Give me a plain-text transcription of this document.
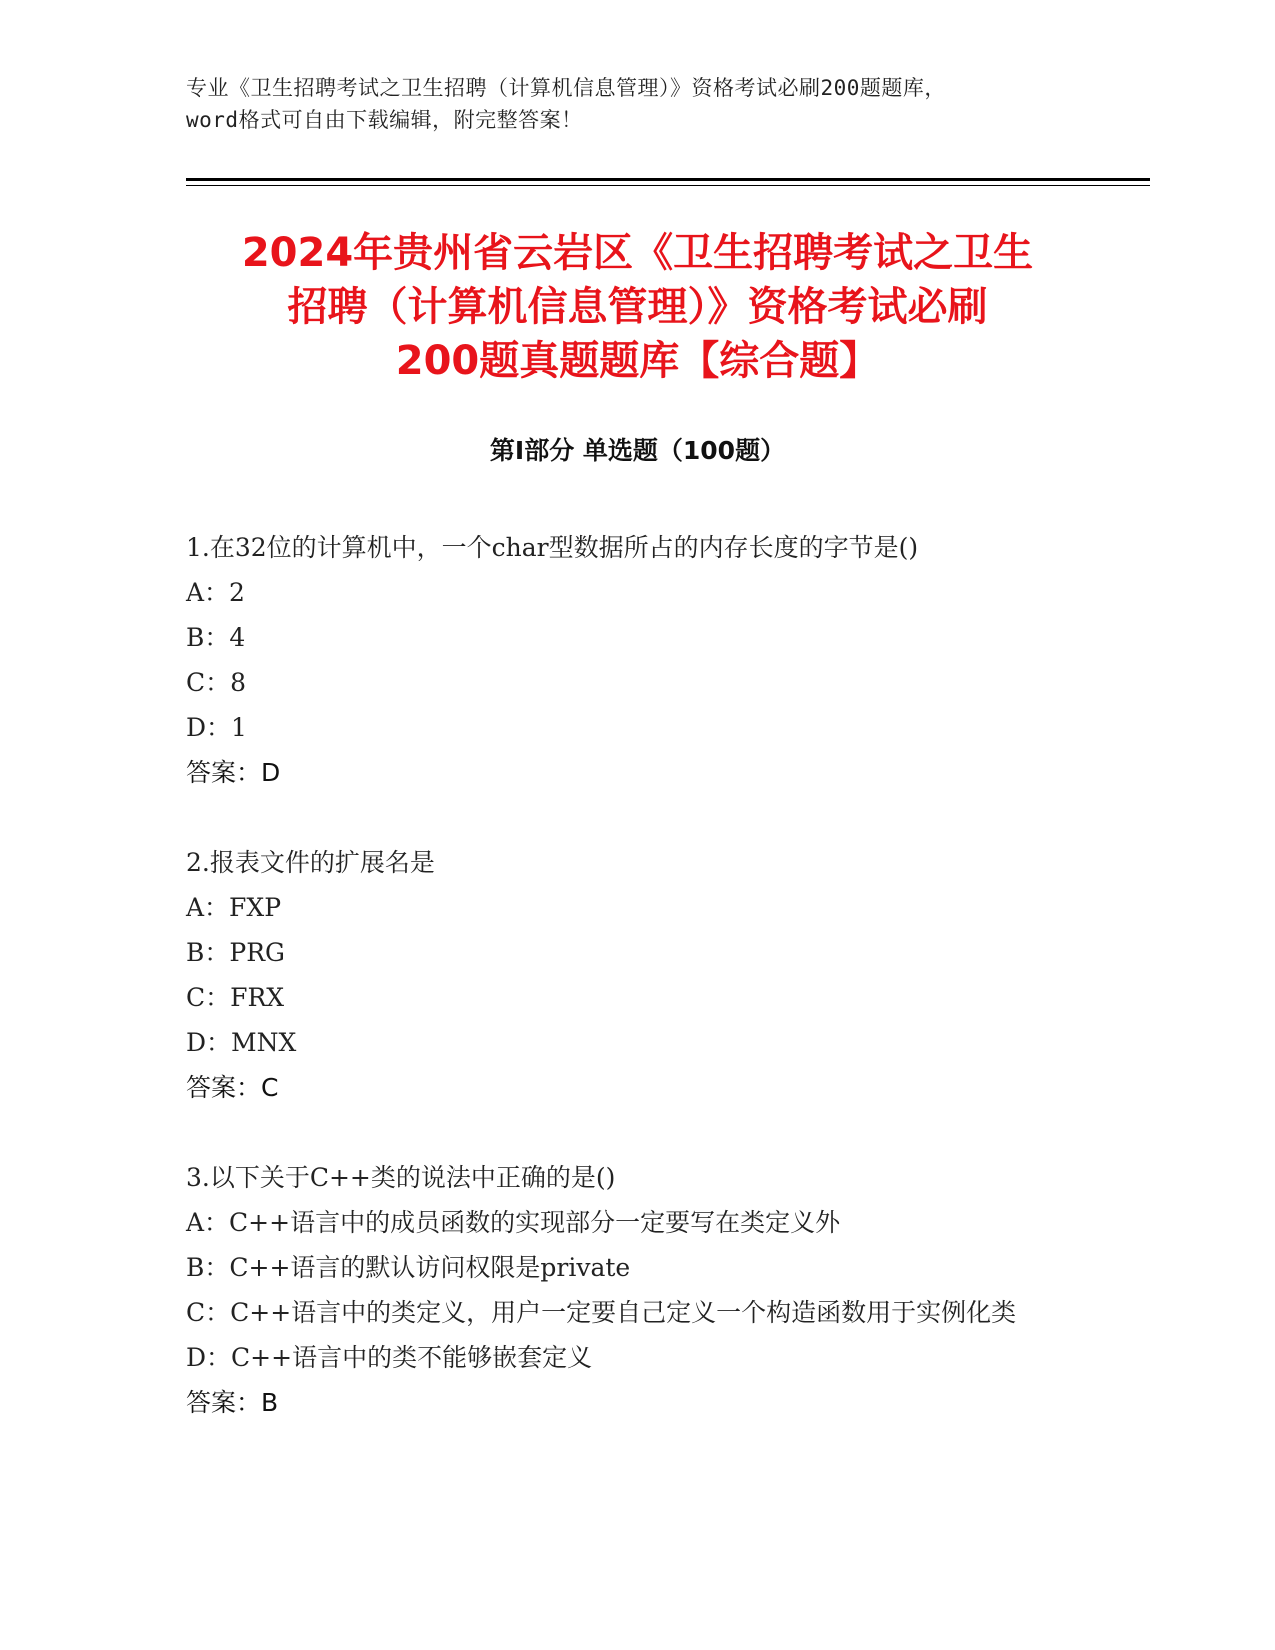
专业《卫生招聘考试之卫生招聘（计算机信息管理）》资格考试必刷200题题库，
word格式可自由下载编辑，附完整答案！
2024年贵州省云岩区《卫生招聘考试之卫生
招聘（计算机信息管理）》资格考试必刷
200题真题题库【综合题】
第Ⅰ部分 单选题（100题）
1.在32位的计算机中，一个char型数据所占的内存长度的字节是()
A：2
B：4
C：8
D：1
答案：D
2.报表文件的扩展名是
A：FXP
B：PRG
C：FRX
D：MNX
答案：C
3.以下关于C++类的说法中正确的是()
A：C++语言中的成员函数的实现部分一定要写在类定义外
B：C++语言的默认访问权限是private
C：C++语言中的类定义，用户一定要自己定义一个构造函数用于实例化类
D：C++语言中的类不能够嵌套定义
答案：B
